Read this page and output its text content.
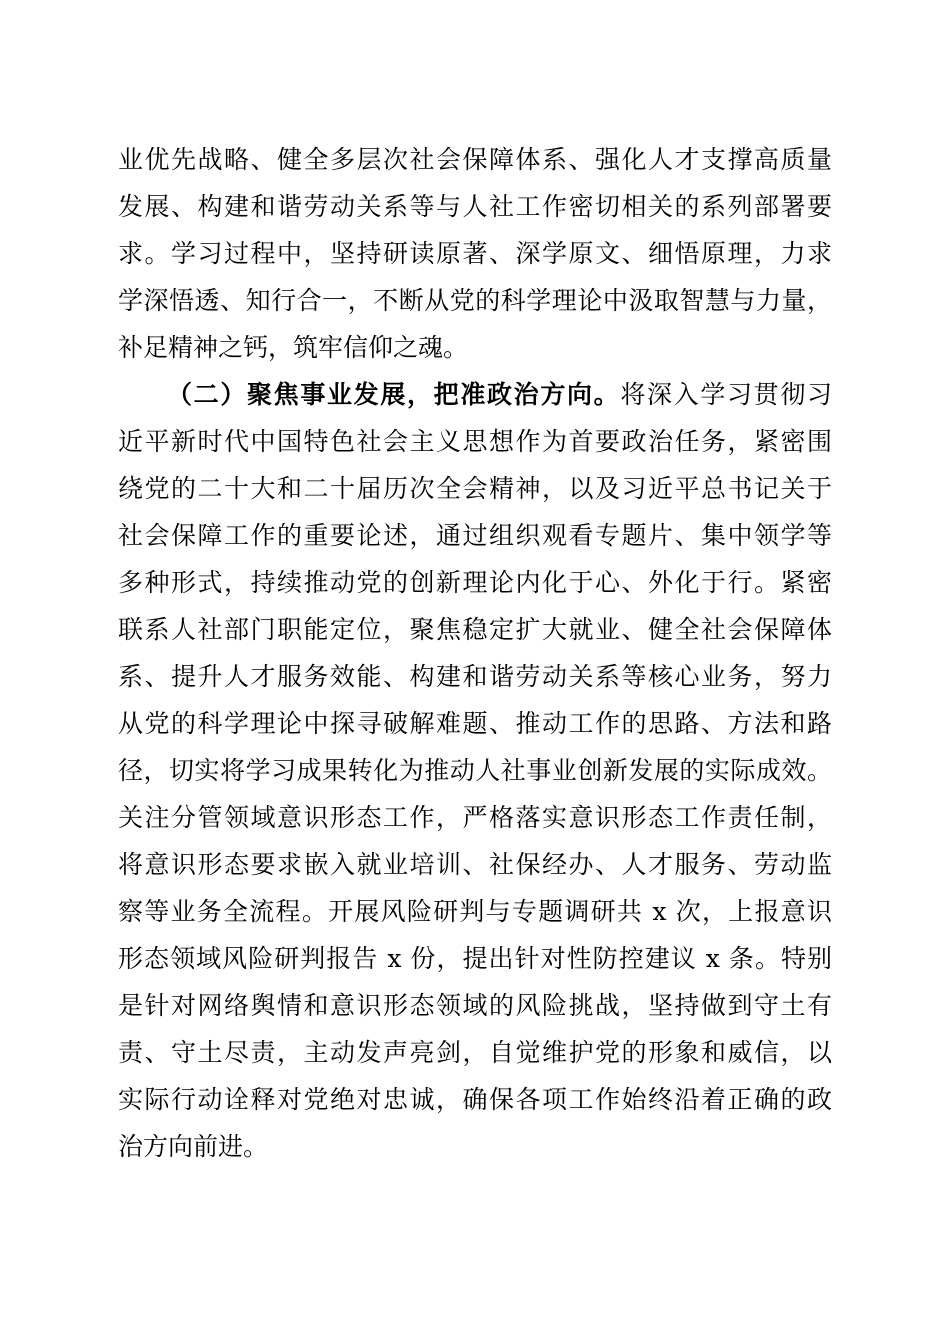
业优先战略、健全多层次社会保障体系、强化人才支撑高质量
发展、构建和谐劳动关系等与人社工作密切相关的系列部署要
求。学习过程中，坚持研读原著、深学原文、细悟原理，力求
学深悟透、知行合一，不断从党的科学理论中汲取智慧与力量，
补足精神之钙，筑牢信仰之魂。
（二）聚焦事业发展，把准政治方向。将深入学习贯彻习
近平新时代中国特色社会主义思想作为首要政治任务，紧密围
绕党的二十大和二十届历次全会精神，以及习近平总书记关于
社会保障工作的重要论述，通过组织观看专题片、集中领学等
多种形式，持续推动党的创新理论内化于心、外化于行。紧密
联系人社部门职能定位，聚焦稳定扩大就业、健全社会保障体
系、提升人才服务效能、构建和谐劳动关系等核心业务，努力
从党的科学理论中探寻破解难题、推动工作的思路、方法和路
径，切实将学习成果转化为推动人社事业创新发展的实际成效。
关注分管领域意识形态工作，严格落实意识形态工作责任制，
将意识形态要求嵌入就业培训、社保经办、人才服务、劳动监
察等业务全流程。开展风险研判与专题调研共 x 次，上报意识
形态领域风险研判报告 x 份，提出针对性防控建议 x 条。特别
是针对网络舆情和意识形态领域的风险挑战，坚持做到守土有
责、守土尽责，主动发声亮剑，自觉维护党的形象和威信，以
实际行动诠释对党绝对忠诚，确保各项工作始终沿着正确的政
治方向前进。
